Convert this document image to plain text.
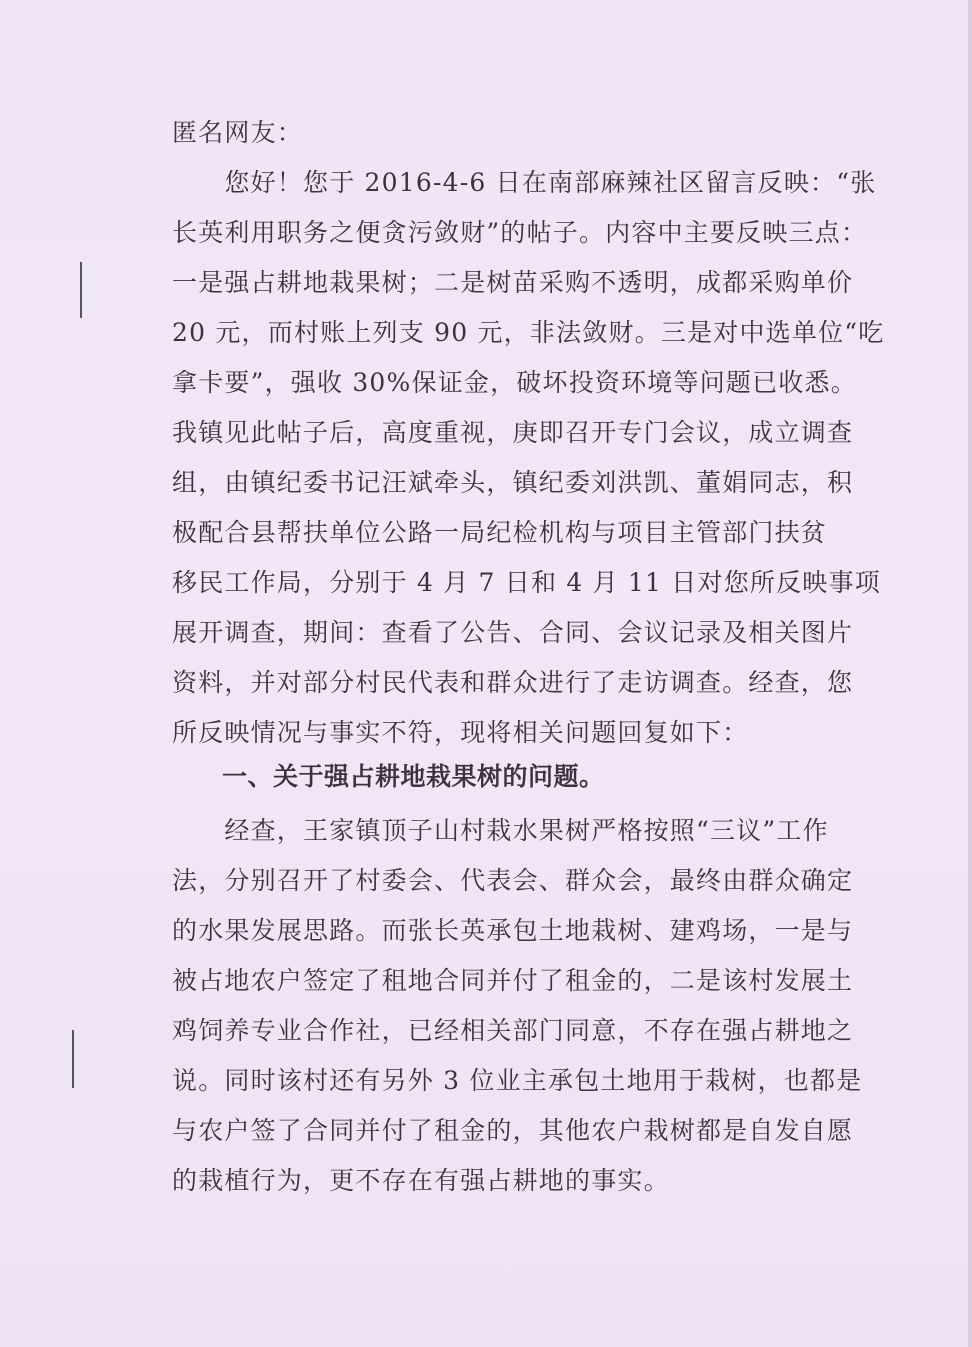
匿名网友：
　　您好！您于 2016-4-6 日在南部麻辣社区留言反映：“张
长英利用职务之便贪污敛财”的帖子。内容中主要反映三点：
一是强占耕地栽果树；二是树苗采购不透明，成都采购单价
20 元，而村账上列支 90 元，非法敛财。三是对中选单位“吃
拿卡要”，强收 30%保证金，破坏投资环境等问题已收悉。
我镇见此帖子后，高度重视，庚即召开专门会议，成立调查
组，由镇纪委书记汪斌牵头，镇纪委刘洪凯、董娟同志，积
极配合县帮扶单位公路一局纪检机构与项目主管部门扶贫
移民工作局，分别于 4 月 7 日和 4 月 11 日对您所反映事项
展开调查，期间：查看了公告、合同、会议记录及相关图片
资料，并对部分村民代表和群众进行了走访调查。经查，您
所反映情况与事实不符，现将相关问题回复如下：
一、关于强占耕地栽果树的问题。
　　经查，王家镇顶子山村栽水果树严格按照“三议”工作
法，分别召开了村委会、代表会、群众会，最终由群众确定
的水果发展思路。而张长英承包土地栽树、建鸡场，一是与
被占地农户签定了租地合同并付了租金的，二是该村发展土
鸡饲养专业合作社，已经相关部门同意，不存在强占耕地之
说。同时该村还有另外 3 位业主承包土地用于栽树，也都是
与农户签了合同并付了租金的，其他农户栽树都是自发自愿
的栽植行为，更不存在有强占耕地的事实。
